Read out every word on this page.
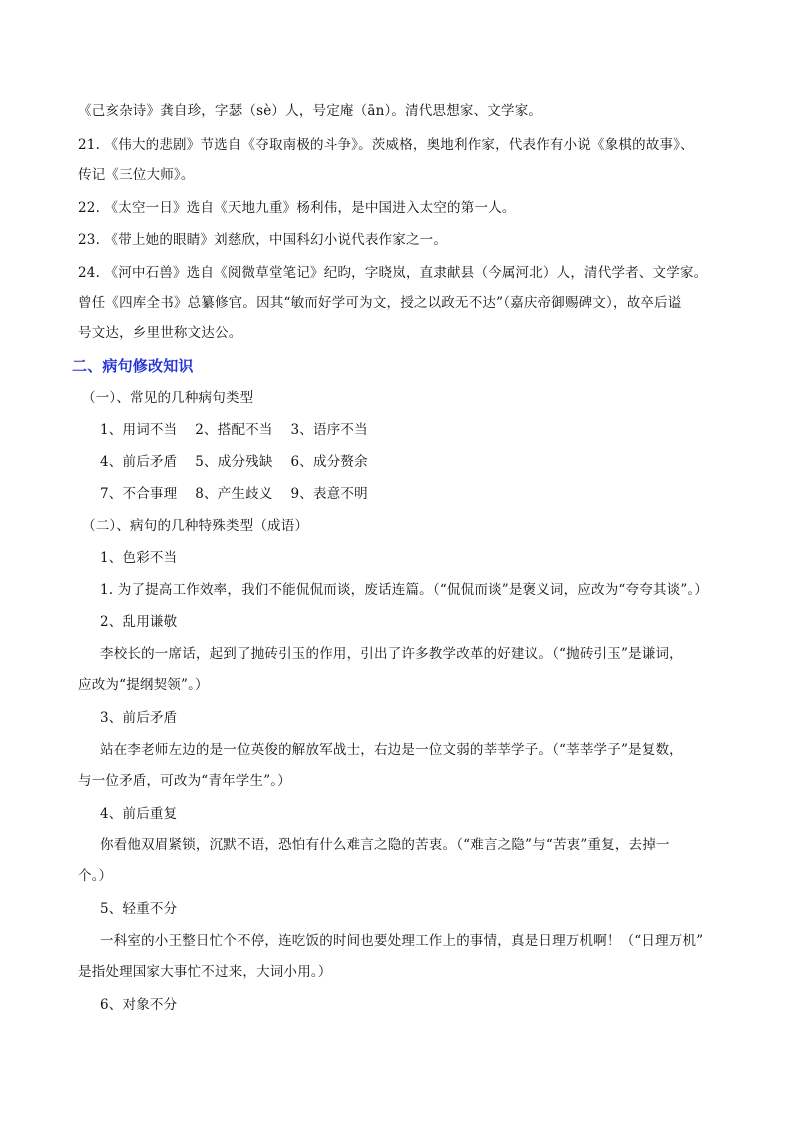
《己亥杂诗》龚自珍，字瑟（sè）人，号定庵（ān）。清代思想家、文学家。
21. 《伟大的悲剧》节选自《夺取南极的斗争》。茨威格，奥地利作家，代表作有小说《象棋的故事》、
传记《三位大师》。
22. 《太空一日》选自《天地九重》杨利伟，是中国进入太空的第一人。
23. 《带上她的眼睛》刘慈欣，中国科幻小说代表作家之一。
24. 《河中石兽》选自《阅微草堂笔记》纪昀，字晓岚，直隶献县（今属河北）人，清代学者、文学家。
曾任《四库全书》总纂修官。因其“敏而好学可为文，授之以政无不达”（嘉庆帝御赐碑文），故卒后谥
号文达，乡里世称文达公。
二、病句修改知识
（一）、常见的几种病句类型
1、用词不当    2、搭配不当    3、语序不当
4、前后矛盾    5、成分残缺    6、成分赘余
7、不合事理    8、产生歧义    9、表意不明
（二）、病句的几种特殊类型（成语）
1、色彩不当
1. 为了提高工作效率，我们不能侃侃而谈，废话连篇。（“侃侃而谈”是褒义词，应改为“夸夸其谈”。）
2、乱用谦敬
李校长的一席话，起到了抛砖引玉的作用，引出了许多教学改革的好建议。（“抛砖引玉”是谦词，
应改为“提纲契领”。）
3、前后矛盾
站在李老师左边的是一位英俊的解放军战士，右边是一位文弱的莘莘学子。（“莘莘学子”是复数，
与一位矛盾，可改为“青年学生”。）
4、前后重复
你看他双眉紧锁，沉默不语，恐怕有什么难言之隐的苦衷。（“难言之隐”与“苦衷”重复，去掉一
个。）
5、轻重不分
一科室的小王整日忙个不停，连吃饭的时间也要处理工作上的事情，真是日理万机啊！（“日理万机”
是指处理国家大事忙不过来，大词小用。）
6、对象不分
